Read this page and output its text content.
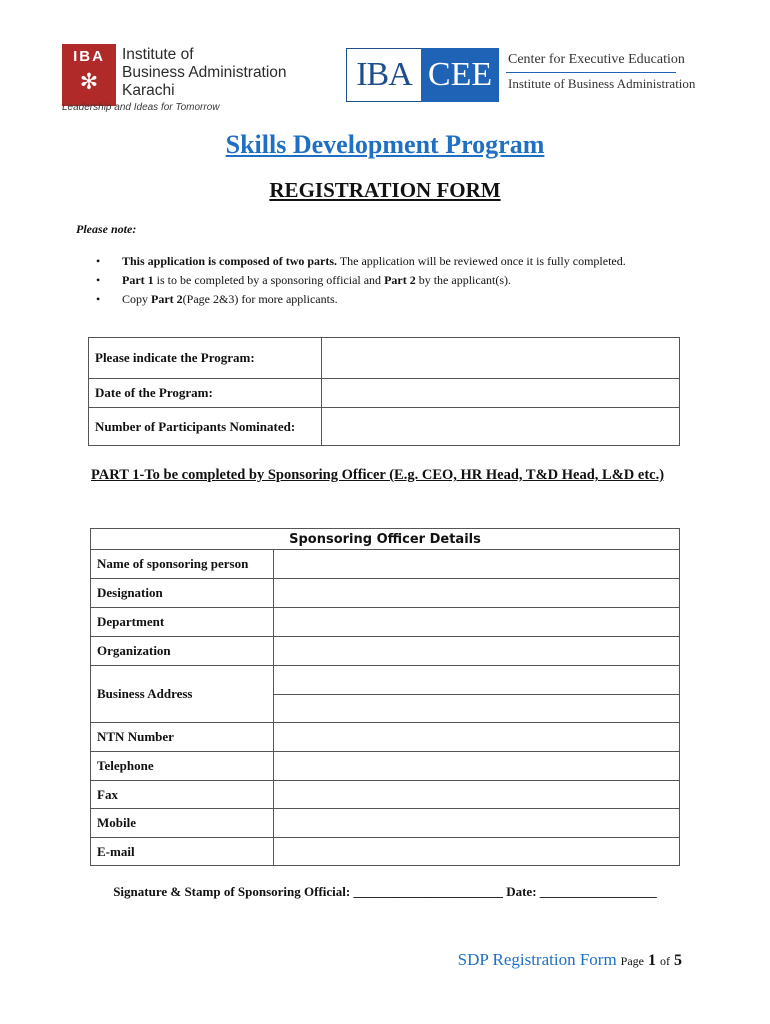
IBA
✻
Institute of
Business Administration
Karachi
Leadership and Ideas for Tomorrow
IBA CEE	Center for Executive Education
Institute of Business Administration
Skills Development Program
REGISTRATION FORM
Please note:
• This application is composed of two parts. The application will be reviewed once it is fully completed.
• Part 1 is to be completed by a sponsoring official and Part 2 by the applicant(s).
• Copy Part 2(Page 2&3) for more applicants.
Please indicate the Program:	
Date of the Program:	
Number of Participants Nominated:	
PART 1-To be completed by Sponsoring Officer (E.g. CEO, HR Head, T&D Head, L&D etc.)
Sponsoring Officer Details	
Name of sponsoring person	
Designation	
Department	
Organization	
Business Address	

NTN Number	
Telephone	
Fax	
Mobile	
E-mail	
Signature & Stamp of Sponsoring Official: _______________________ Date: __________________
SDP Registration Form Page 1 of 5
